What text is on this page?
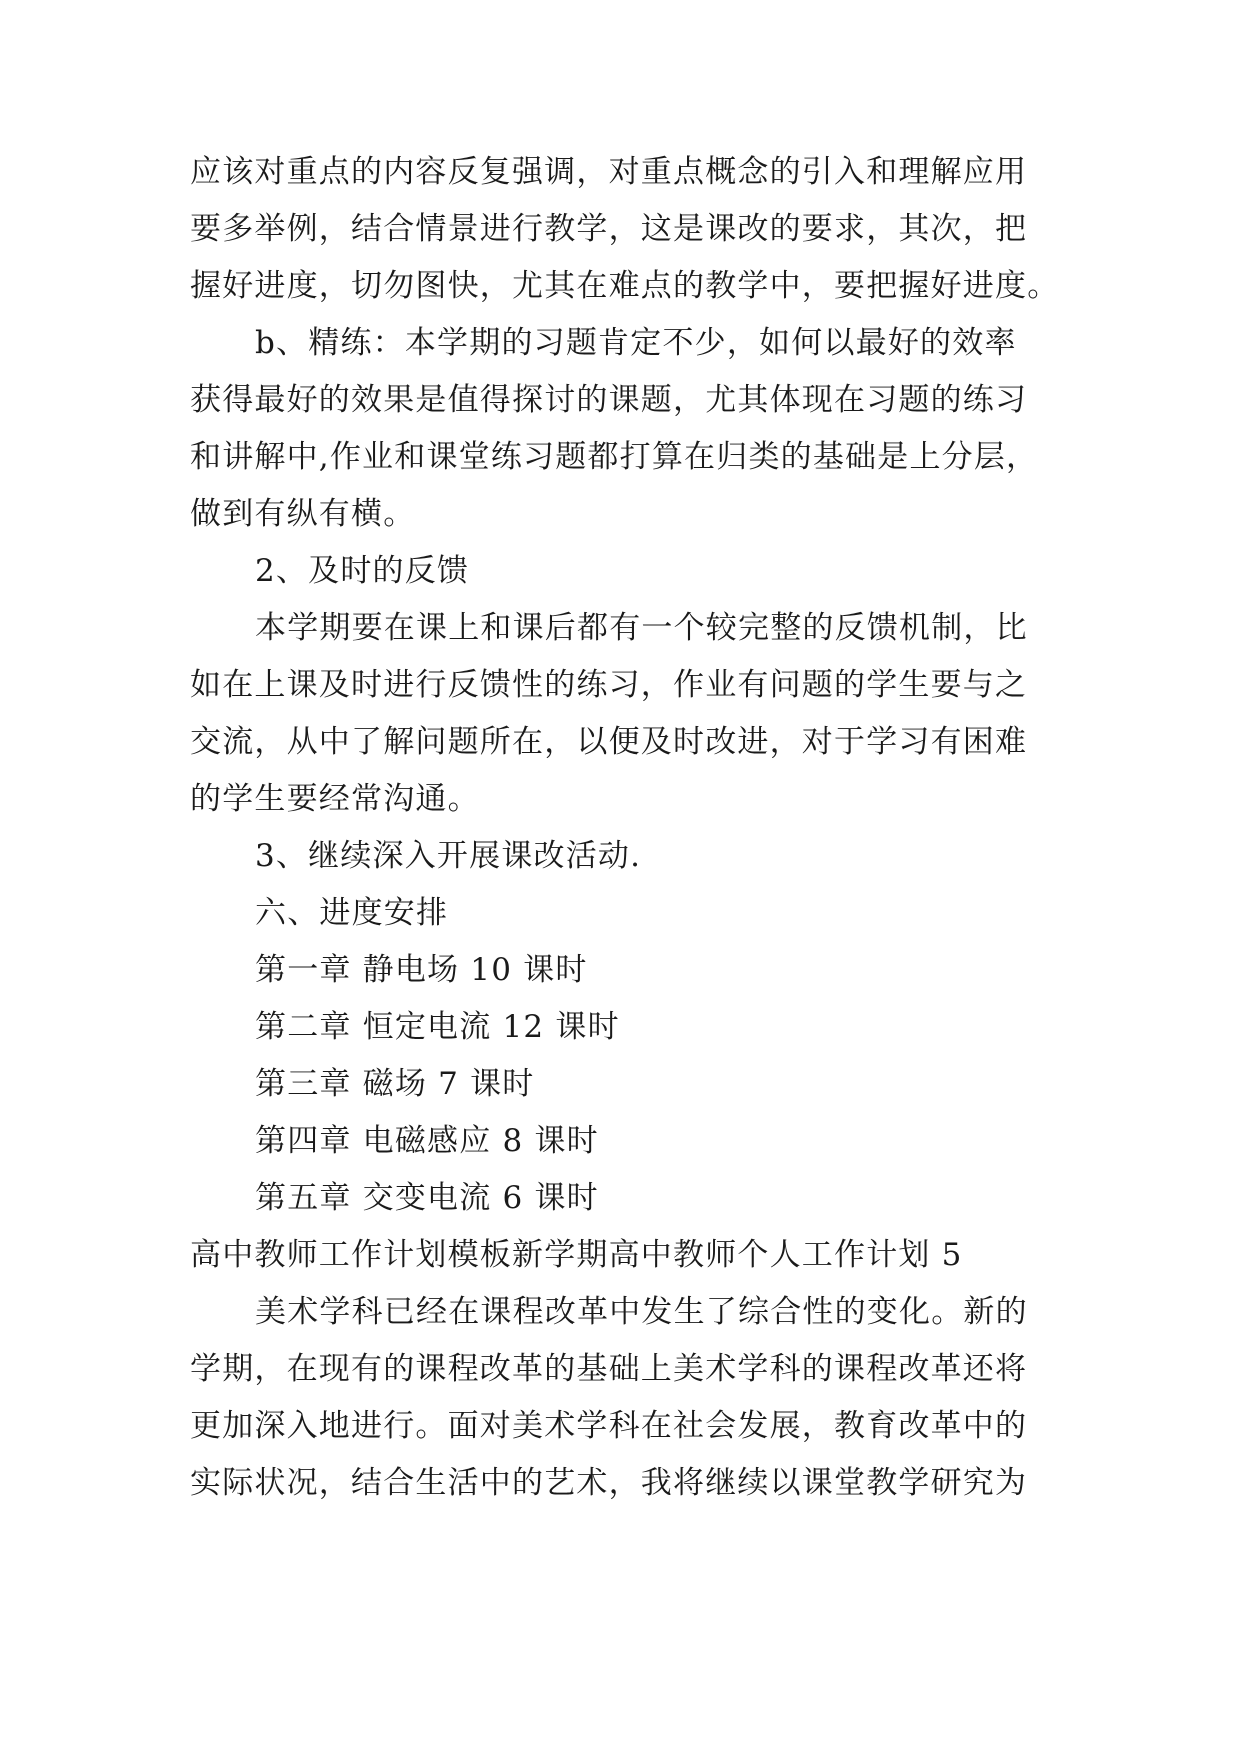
应该对重点的内容反复强调，对重点概念的引入和理解应用
要多举例，结合情景进行教学，这是课改的要求，其次，把
握好进度，切勿图快，尤其在难点的教学中，要把握好进度。
b、精练：本学期的习题肯定不少，如何以最好的效率
获得最好的效果是值得探讨的课题，尤其体现在习题的练习
和讲解中,作业和课堂练习题都打算在归类的基础是上分层，
做到有纵有横。
2、及时的反馈
本学期要在课上和课后都有一个较完整的反馈机制，比
如在上课及时进行反馈性的练习，作业有问题的学生要与之
交流，从中了解问题所在，以便及时改进，对于学习有困难
的学生要经常沟通。
3、继续深入开展课改活动.
六、进度安排
第一章 静电场 10 课时
第二章 恒定电流 12 课时
第三章 磁场 7 课时
第四章 电磁感应 8 课时
第五章 交变电流 6 课时
高中教师工作计划模板新学期高中教师个人工作计划 5
美术学科已经在课程改革中发生了综合性的变化。新的
学期，在现有的课程改革的基础上美术学科的课程改革还将
更加深入地进行。面对美术学科在社会发展，教育改革中的
实际状况，结合生活中的艺术，我将继续以课堂教学研究为
